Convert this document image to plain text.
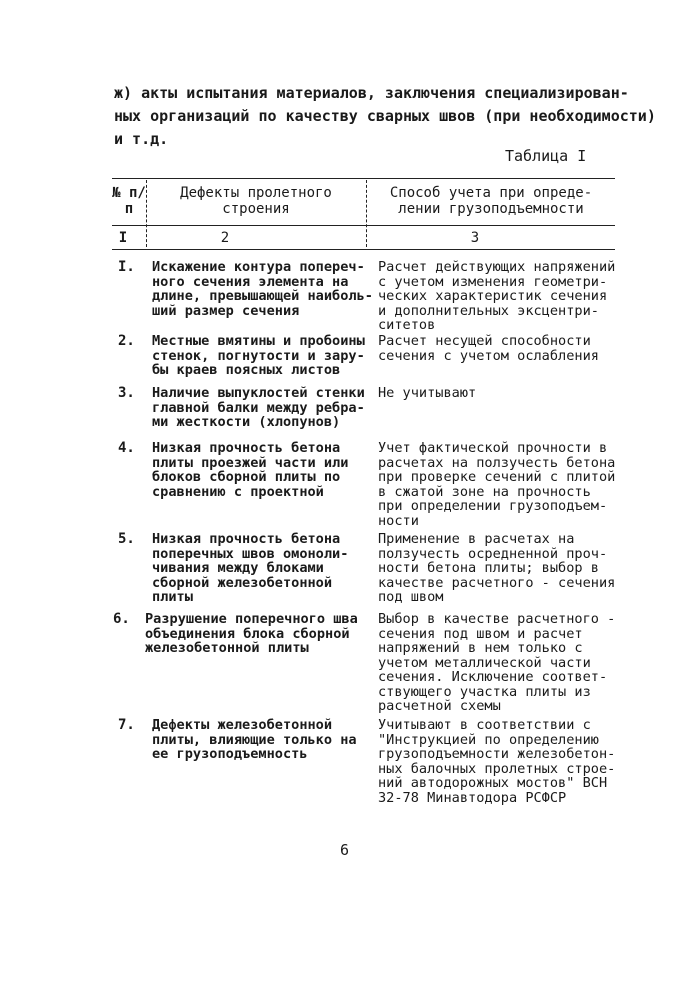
ж) акты испытания материалов, заключения специализирован-

ных организаций по качеству сварных швов (при необходимости)

и т.д.

Таблица I
№ п/п
Дефекты пролетного строения
Способ учета при опреде- лении грузоподъемности
I	2	3
I. Искажение контура попереч-
ного сечения элемента на
длине, превышающей наиболь-
ший размер сечения
Расчет действующих напряжений
с учетом изменения геометри-
ческих характеристик сечения
и дополнительных эксцентри-
ситетов
2. Местные вмятины и пробоины
стенок, погнутости и зару-
бы краев поясных листов
Расчет несущей способности
сечения с учетом ослабления
3. Наличие выпуклостей стенки
главной балки между ребра-
ми жесткости (хлопунов)
Не учитывают
4. Низкая прочность бетона
плиты проезжей части или
блоков сборной плиты по
сравнению с проектной
Учет фактической прочности в
расчетах на ползучесть бетона
при проверке сечений с плитой
в сжатой зоне на прочность
при определении грузоподъем-
ности
5. Низкая прочность бетона
поперечных швов омоноли-
чивания между блоками
сборной железобетонной
плиты
Применение в расчетах на
ползучесть осредненной проч-
ности бетона плиты; выбор в
качестве расчетного - сечения
под швом
6. Разрушение поперечного шва
объединения блока сборной
железобетонной плиты
Выбор в качестве расчетного -
сечения под швом и расчет
напряжений в нем только с
учетом металлической части
сечения. Исключение соответ-
ствующего участка плиты из
расчетной схемы
7. Дефекты железобетонной
плиты, влияющие только на
ее грузоподъемность
Учитывают в соответствии с
"Инструкцией по определению
грузоподъемности железобетон-
ных балочных пролетных строе-
ний автодорожных мостов" ВСН
32-78 Минавтодора РСФСР
6
